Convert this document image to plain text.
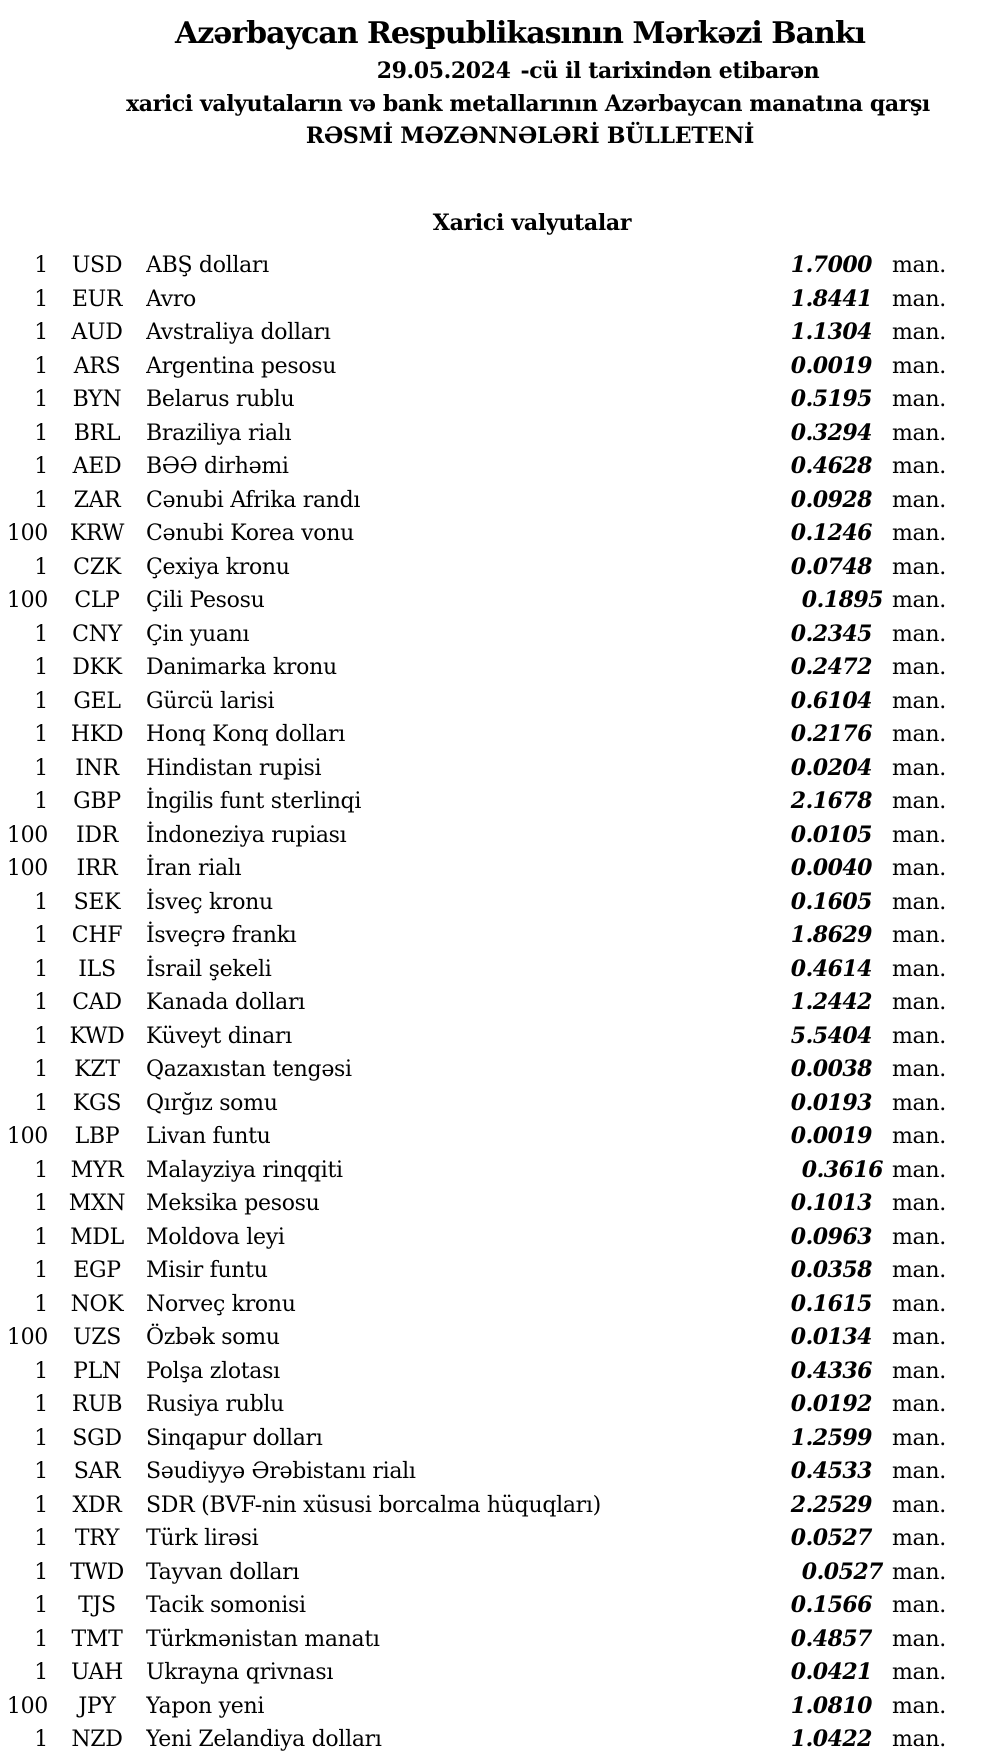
Azərbaycan Respublikasının Mərkəzi Bankı
29.05.2024 -cü il tarixindən etibarən
xarici valyutaların və bank metallarının Azərbaycan manatına qarşı
RƏSMİ MƏZƏNNƏLƏRİ BÜLLETENİ
Xarici valyutalar
1	USD	ABŞ dolları	1.7000 man.
1	EUR	Avro	1.8441 man.
1	AUD	Avstraliya dolları	1.1304 man.
1	ARS	Argentina pesosu	0.0019 man.
1	BYN	Belarus rublu	0.5195 man.
1	BRL	Braziliya rialı	0.3294 man.
1	AED	BƏƏ dirhəmi	0.4628 man.
1	ZAR	Cənubi Afrika randı	0.0928 man.
100 KRW Cənubi Korea vonu	0.1246 man.
1	CZK	Çexiya kronu	0.0748 man.
100	CLP	Çili Pesosu	0.1895 man.
1	CNY	Çin yuanı	0.2345 man.
1	DKK	Danimarka kronu	0.2472 man.
1	GEL	Gürcü larisi	0.6104 man.
1	HKD	Honq Konq dolları	0.2176 man.
1	INR	Hindistan rupisi	0.0204 man.
1	GBP	İngilis funt sterlinqi	2.1678 man.
100	IDR	İndoneziya rupiası	0.0105 man.
100	IRR	İran rialı	0.0040 man.
1	SEK	İsveç kronu	0.1605 man.
1	CHF	İsveçrə frankı	1.8629 man.
1	ILS	İsrail şekeli	0.4614 man.
1	CAD	Kanada dolları	1.2442 man.
1 KWD Küveyt dinarı	5.5404 man.
1	KZT	Qazaxıstan tengəsi	0.0038 man.
1	KGS	Qırğız somu	0.0193 man.
100	LBP	Livan funtu	0.0019 man.
1	MYR	Malayziya rinqqiti	0.3616 man.
1 MXN Meksika pesosu	0.1013 man.
1	MDL	Moldova leyi	0.0963 man.
1	EGP	Misir funtu	0.0358 man.
1	NOK	Norveç kronu	0.1615 man.
100	UZS	Özbək somu	0.0134 man.
1	PLN	Polşa zlotası	0.4336 man.
1	RUB	Rusiya rublu	0.0192 man.
1	SGD	Sinqapur dolları	1.2599 man.
1	SAR	Səudiyyə Ərəbistanı rialı	0.4533 man.
1	XDR	SDR (BVF-nin xüsusi borcalma hüquqları)	2.2529 man.
1	TRY	Türk lirəsi	0.0527 man.
1 TWD Tayvan dolları	0.0527 man.
1	TJS	Tacik somonisi	0.1566 man.
1	TMT	Türkmənistan manatı	0.4857 man.
1	UAH	Ukrayna qrivnası	0.0421 man.
100	JPY	Yapon yeni	1.0810 man.
1	NZD	Yeni Zelandiya dolları	1.0422 man.
